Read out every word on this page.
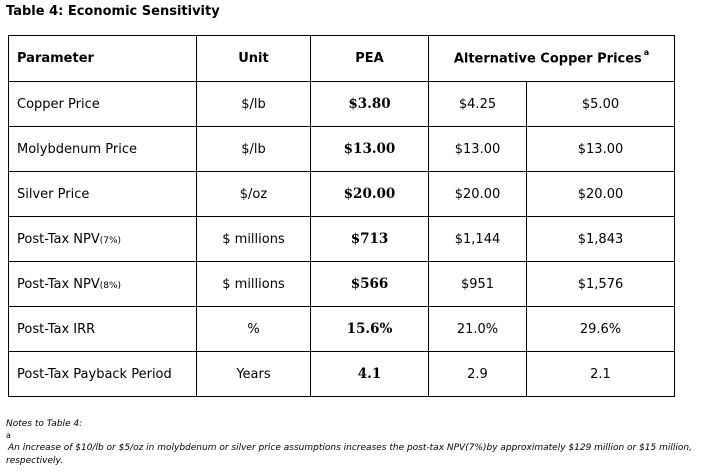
Table 4: Economic Sensitivity
Parameter	Unit	PEA	Alternative Copper Prices $^a$
Copper Price	$/lb	$3.80	$4.25	$5.00
Molybdenum Price	$/lb	$13.00	$13.00	$13.00
Silver Price	$/oz	$20.00	$20.00	$20.00
Post-Tax NPV(7%)	$ millions	$713	$1,144	$1,843
Post-Tax NPV(8%)	$ millions	$566	$951	$1,576
Post-Tax IRR	%	15.6%	21.0%	29.6%
Post-Tax Payback Period	Years	4.1	2.9	2.1
Notes to Table 4:
a
An increase of $10/lb or $5/oz in molybdenum or silver price assumptions increases the post-tax NPV(7%)by approximately $129 million or $15 million,
respectively.
